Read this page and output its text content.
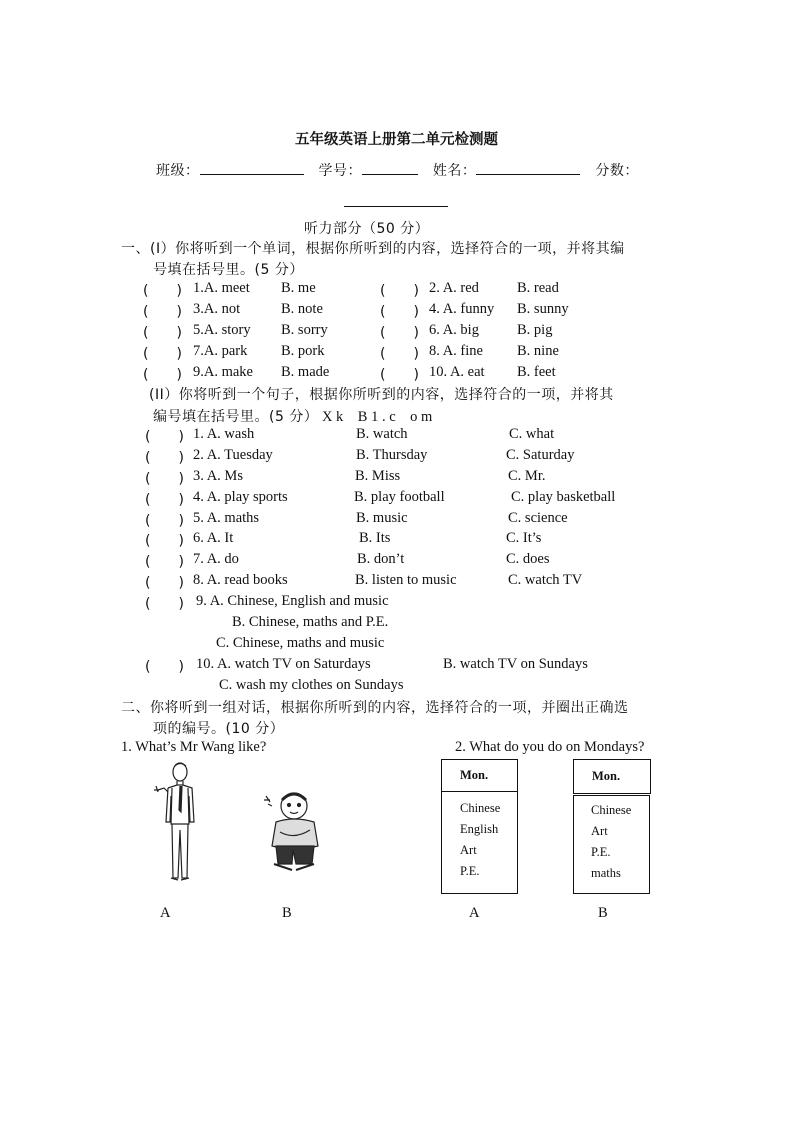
五年级英语上册第二单元检测题
班级：	学号：	姓名：	分数：
听力部分（50 分）
一、(I）你将听到一个单词，根据你所听到的内容，选择符合的一项，并将其编
号填在括号里。(5 分）
(　　) 1.A. meet B. me	(　　) 2. A. red	B. read
(　　) 3.A. not	B. note	(　　) 4. A. funny B. sunny
(　　) 5.A. story B. sorry	(　　) 6. A. big	B. pig
(　　) 7.A. park B. pork	(　　) 8. A. fine B. nine
(　　) 9.A. make B. made	(　　) 10. A. eat B. feet
(II）你将听到一个句子，根据你所听到的内容，选择符合的一项，并将其
编号填在括号里。(5 分） X k　B 1 . c　o m
(　　) 1. A. wash	B. watch	C. what
(　　) 2. A. Tuesday	B. Thursday	C. Saturday
(　　) 3. A. Ms	B. Miss	C. Mr.
(　　) 4. A. play sports	B. play football	C. play basketball
(　　) 5. A. maths	B. music	C. science
(　　) 6. A. It	B. Its	C. It’s
(　　) 7. A. do	B. don’t	C. does
(　　) 8. A. read books	B. listen to music	C. watch TV
(　　) 9. A. Chinese, English and music
B. Chinese, maths and P.E.
C. Chinese, maths and music
(　　) 10. A. watch TV on Saturdays	B. watch TV on Sundays
C. wash my clothes on Sundays
二、你将听到一组对话，根据你所听到的内容，选择符合的一项，并圈出正确选
项的编号。(10 分）
1. What’s Mr Wang like?	2. What do you do on Mondays?
Mon.
Chinese
English
Art
P.E.
Mon.
Chinese
Art
P.E.
maths
A	B	A	B
